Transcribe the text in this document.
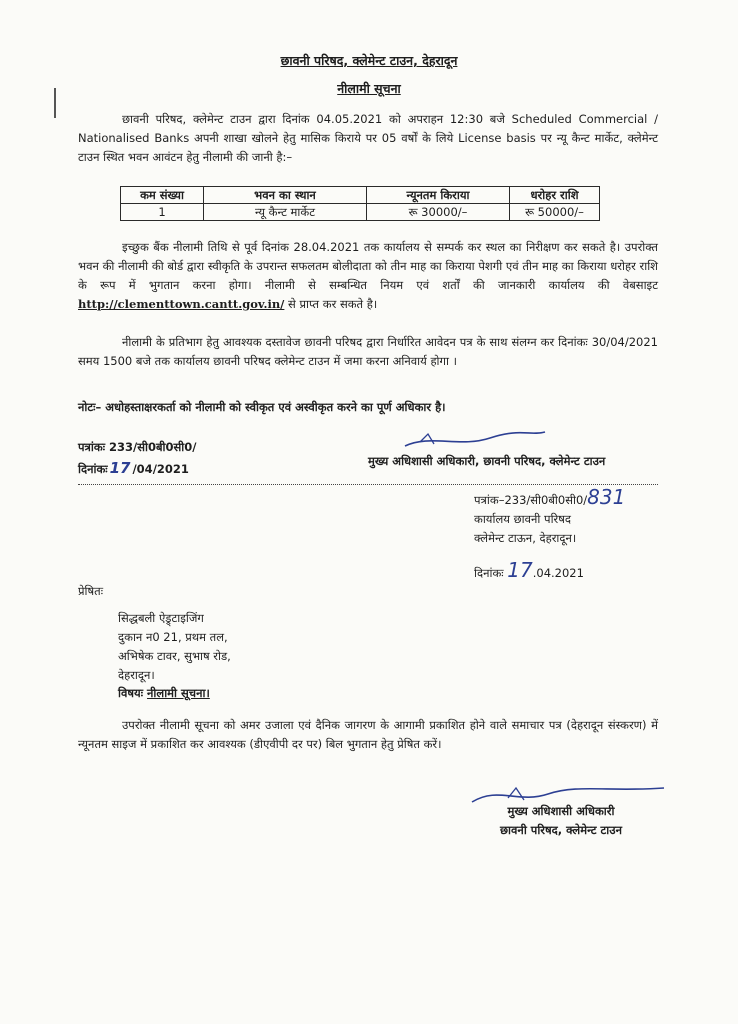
छावनी परिषद, क्लेमेन्ट टाउन, देहरादून
नीलामी सूचना
छावनी परिषद, क्लेमेन्ट टाउन द्वारा दिनांक 04.05.2021 को अपराहन 12:30 बजे Scheduled Commercial / Nationalised Banks अपनी शाखा खोलने हेतु मासिक किराये पर 05 वर्षों के लिये License basis पर न्यू कैन्ट मार्केट, क्लेमेन्ट टाउन स्थित भवन आवंटन हेतु नीलामी की जानी है:–
कम संख्या	भवन का स्थान	न्यूनतम किराया	धरोहर राशि
1	न्यू कैन्ट मार्केट	रू 30000/–	रू 50000/–
इच्छुक बैंक नीलामी तिथि से पूर्व दिनांक 28.04.2021 तक कार्यालय से सम्पर्क कर स्थल का निरीक्षण कर सकते है। उपरोक्त भवन की नीलामी की बोर्ड द्वारा स्वीकृति के उपरान्त सफलतम बोलीदाता को तीन माह का किराया पेशगी एवं तीन माह का किराया धरोहर राशि के रूप में भुगतान करना होगा। नीलामी से सम्बन्धित नियम एवं शर्तों की जानकारी कार्यालय की वेबसाइट http://clementtown.cantt.gov.in/ से प्राप्त कर सकते है।
नीलामी के प्रतिभाग हेतु आवश्यक दस्तावेज छावनी परिषद द्वारा निर्धारित आवेदन पत्र के साथ संलग्न कर दिनांकः 30/04/2021 समय 1500 बजे तक कार्यालय छावनी परिषद क्लेमेन्ट टाउन में जमा करना अनिवार्य होगा ।
नोटः– अधोहस्ताक्षरकर्ता को नीलामी को स्वीकृत एवं अस्वीकृत करने का पूर्ण अधिकार है।
पत्रांकः 233/सी0बी0सी0/
दिनांकः 17 /04/2021
मुख्य अधिशासी अधिकारी, छावनी परिषद, क्लेमेन्ट टाउन
पत्रांक–233/सी0बी0सी0/831
कार्यालय छावनी परिषद
क्लेमेन्ट टाऊन, देहरादून।
दिनांकः 17.04.2021
प्रेषितः
सिद्धबली ऐड्र्टाइजिंग
दुकान न0 21, प्रथम तल,
अभिषेक टावर, सुभाष रोड,
देहरादून।
विषयः नीलामी सूचना।
उपरोक्त नीलामी सूचना को अमर उजाला एवं दैनिक जागरण के आगामी प्रकाशित होने वाले समाचार पत्र (देहरादून संस्करण) में न्यूनतम साइज में प्रकाशित कर आवश्यक (डीएवीपी दर पर) बिल भुगतान हेतु प्रेषित करें।
मुख्य अधिशासी अधिकारी
छावनी परिषद, क्लेमेन्ट टाउन
